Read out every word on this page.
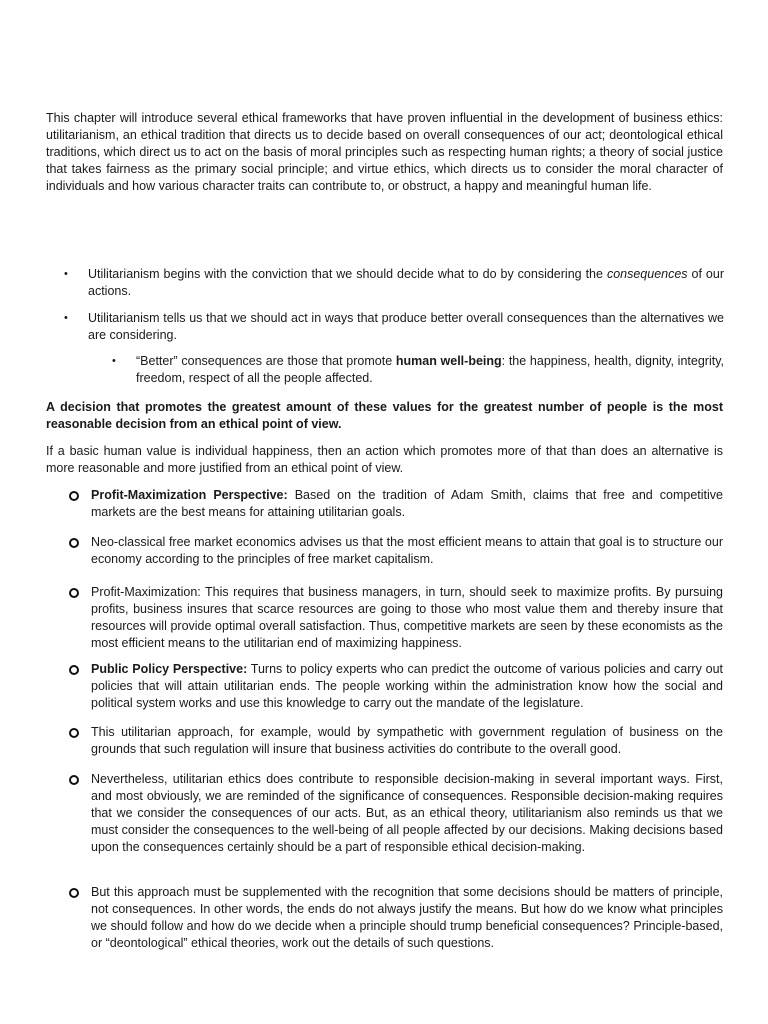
This chapter will introduce several ethical frameworks that have proven influential in the development of business ethics: utilitarianism, an ethical tradition that directs us to decide based on overall consequences of our act; deontological ethical traditions, which direct us to act on the basis of moral principles such as respecting human rights; a theory of social justice that takes fairness as the primary social principle; and virtue ethics, which directs us to consider the moral character of individuals and how various character traits can contribute to, or obstruct, a happy and meaningful human life.

•	Utilitarianism begins with the conviction that we should decide what to do by considering the consequences of our actions.

•	Utilitarianism tells us that we should act in ways that produce better overall consequences than the alternatives we are considering.

•	“Better” consequences are those that promote human well-being: the happiness, health, dignity, integrity, freedom, respect of all the people affected.

A decision that promotes the greatest amount of these values for the greatest number of people is the most reasonable decision from an ethical point of view.

If a basic human value is individual happiness, then an action which promotes more of that than does an alternative is more reasonable and more justified from an ethical point of view.

Profit-Maximization Perspective: Based on the tradition of Adam Smith, claims that free and competitive markets are the best means for attaining utilitarian goals.

Neo-classical free market economics advises us that the most efficient means to attain that goal is to structure our economy according to the principles of free market capitalism.

Profit-Maximization: This requires that business managers, in turn, should seek to maximize profits. By pursuing profits, business insures that scarce resources are going to those who most value them and thereby insure that resources will provide optimal overall satisfaction. Thus, competitive markets are seen by these economists as the most efficient means to the utilitarian end of maximizing happiness.

Public Policy Perspective: Turns to policy experts who can predict the outcome of various policies and carry out policies that will attain utilitarian ends. The people working within the administration know how the social and political system works and use this knowledge to carry out the mandate of the legislature.

This utilitarian approach, for example, would by sympathetic with government regulation of business on the grounds that such regulation will insure that business activities do contribute to the overall good.

Nevertheless, utilitarian ethics does contribute to responsible decision-making in several important ways. First, and most obviously, we are reminded of the significance of consequences. Responsible decision-making requires that we consider the consequences of our acts. But, as an ethical theory, utilitarianism also reminds us that we must consider the consequences to the well-being of all people affected by our decisions. Making decisions based upon the consequences certainly should be a part of responsible ethical decision-making.

But this approach must be supplemented with the recognition that some decisions should be matters of principle, not consequences. In other words, the ends do not always justify the means. But how do we know what principles we should follow and how do we decide when a principle should trump beneficial consequences? Principle-based, or “deontological” ethical theories, work out the details of such questions.
